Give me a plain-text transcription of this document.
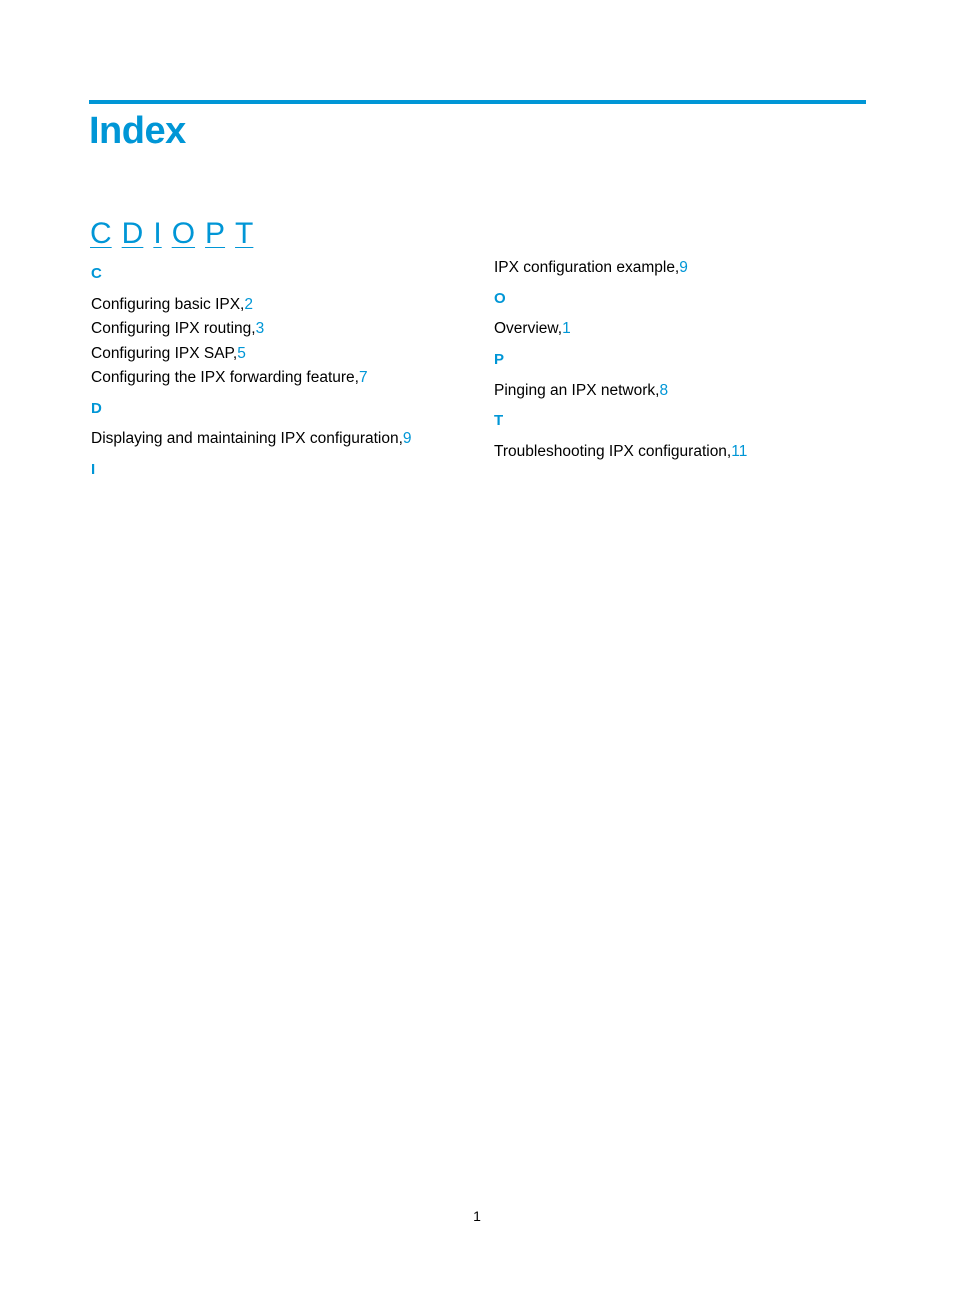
Index
C D I O P T
C
Configuring basic IPX,2
Configuring IPX routing,3
Configuring IPX SAP,5
Configuring the IPX forwarding feature,7
D
Displaying and maintaining IPX configuration,9
I
IPX configuration example,9
O
Overview,1
P
Pinging an IPX network,8
T
Troubleshooting IPX configuration,11
1
